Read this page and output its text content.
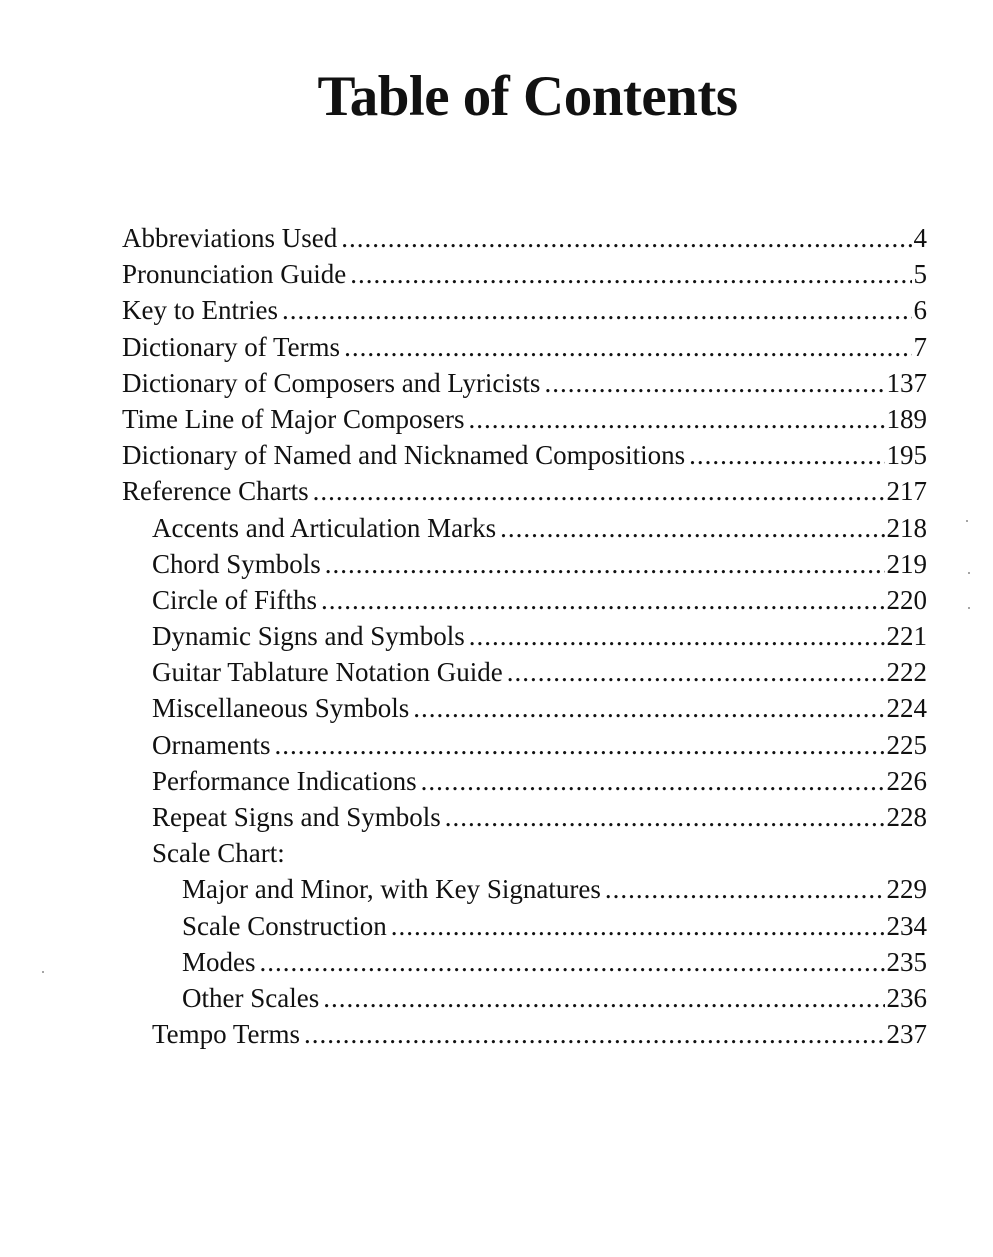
Table of Contents
Abbreviations Used .....	4
Pronunciation Guide .....	5
Key to Entries .....	6
Dictionary of Terms .....	7
Dictionary of Composers and Lyricists .....	137
Time Line of Major Composers .....	189
Dictionary of Named and Nicknamed Compositions .....	195
Reference Charts .....	217
Accents and Articulation Marks .....	218
Chord Symbols .....	219
Circle of Fifths .....	220
Dynamic Signs and Symbols .....	221
Guitar Tablature Notation Guide .....	222
Miscellaneous Symbols .....	224
Ornaments .....	225
Performance Indications .....	226
Repeat Signs and Symbols .....	228
Scale Chart:
Major and Minor, with Key Signatures .....	229
Scale Construction .....	234
Modes .....	235
Other Scales .....	236
Tempo Terms .....	237
